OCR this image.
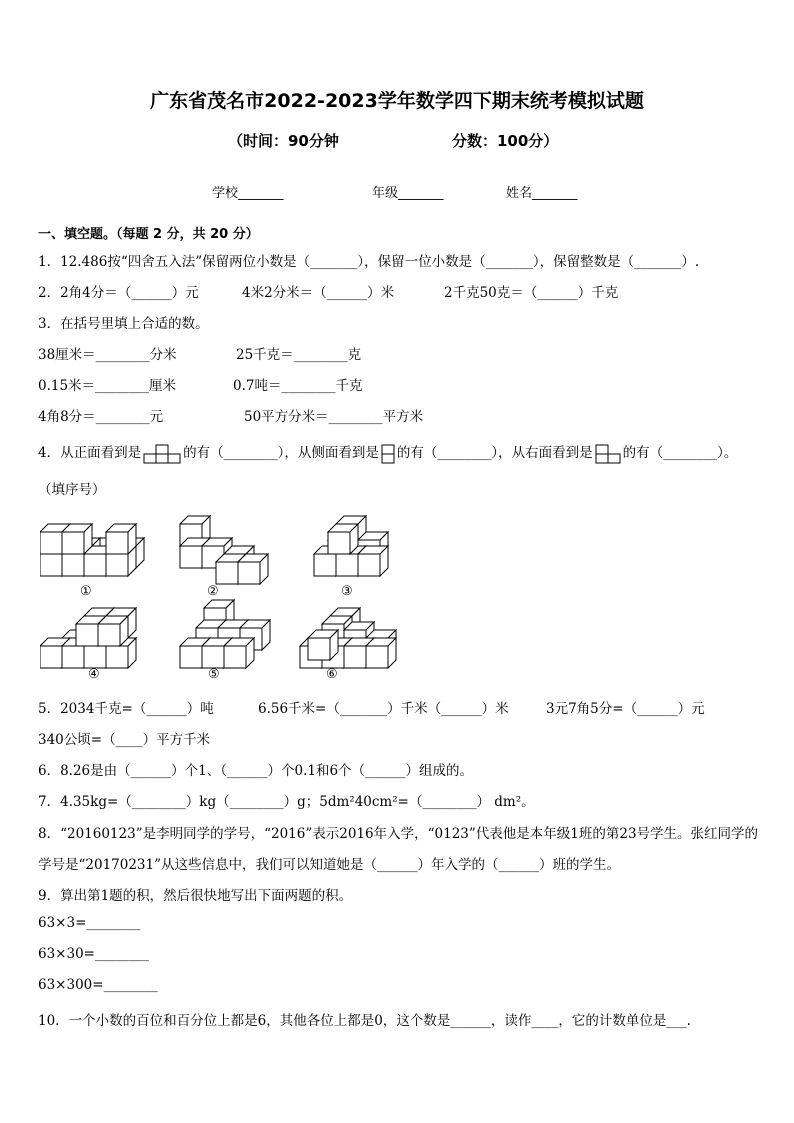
广东省茂名市2022-2023学年数学四下期末统考模拟试题
（时间：90分钟	分数：100分）
学校_______	年级_______	姓名_______
一、填空题。（每题 2 分，共 20 分）
1．12.486按“四舍五入法”保留两位小数是（_______），保留一位小数是（_______），保留整数是（_______）.
2．2角4分＝（______）元	4米2分米＝（______）米	2千克50克＝（______）千克
3．在括号里填上合适的数。
38厘米＝________分米	25千克＝________克
0.15米＝________厘米	0.7吨＝________千克
4角8分＝________元	50平方分米＝________平方米
4．从正面看到是	的有（________），从侧面看到是 的有（________），从右面看到是 的有（________）。
（填序号）
①	②	③
④	⑤	⑥
5．2034千克=（______）吨	6.56千米=（_______）千米（______）米	3元7角5分=（______）元
340公顷=（____）平方千米
6．8.26是由（______）个1、（______）个0.1和6个（______）组成的。
7．4.35kg=（________）kg（________）g；5dm²40cm²=（________） dm²。
8．“20160123”是李明同学的学号，“2016”表示2016年入学，“0123”代表他是本年级1班的第23号学生。张红同学的
学号是“20170231”从这些信息中，我们可以知道她是（______）年入学的（______）班的学生。
9．算出第1题的积，然后很快地写出下面两题的积。
63×3=________
63×30=________
63×300=________
10．一个小数的百位和百分位上都是6，其他各位上都是0，这个数是______，读作____，它的计数单位是___.
